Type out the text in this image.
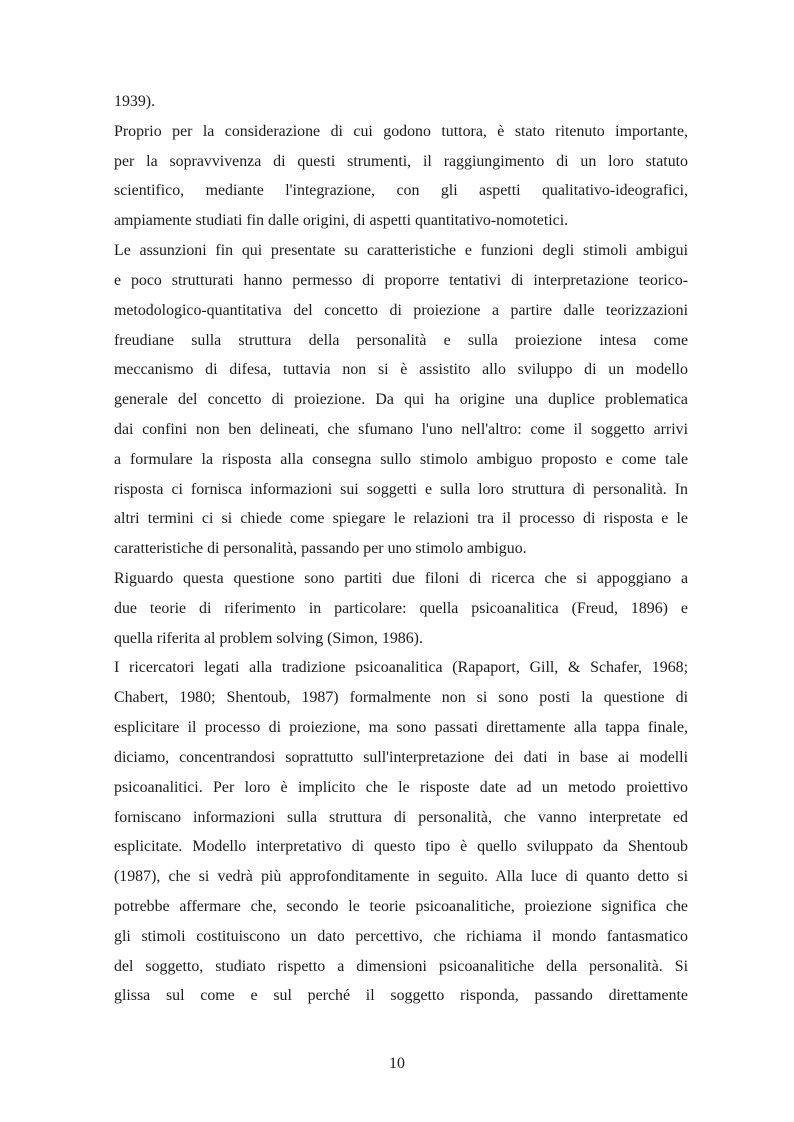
1939).
Proprio per la considerazione di cui godono tuttora, è stato ritenuto importante,
per la sopravvivenza di questi strumenti, il raggiungimento di un loro statuto
scientifico, mediante l'integrazione, con gli aspetti qualitativo-ideografici,
ampiamente studiati fin dalle origini, di aspetti quantitativo-nomotetici.
Le assunzioni fin qui presentate su caratteristiche e funzioni degli stimoli ambigui
e poco strutturati hanno permesso di proporre tentativi di interpretazione teorico-
metodologico-quantitativa del concetto di proiezione a partire dalle teorizzazioni
freudiane sulla struttura della personalità e sulla proiezione intesa come
meccanismo di difesa, tuttavia non si è assistito allo sviluppo di un modello
generale del concetto di proiezione. Da qui ha origine una duplice problematica
dai confini non ben delineati, che sfumano l'uno nell'altro: come il soggetto arrivi
a formulare la risposta alla consegna sullo stimolo ambiguo proposto e come tale
risposta ci fornisca informazioni sui soggetti e sulla loro struttura di personalità. In
altri termini ci si chiede come spiegare le relazioni tra il processo di risposta e le
caratteristiche di personalità, passando per uno stimolo ambiguo.
Riguardo questa questione sono partiti due filoni di ricerca che si appoggiano a
due teorie di riferimento in particolare: quella psicoanalitica (Freud, 1896) e
quella riferita al problem solving (Simon, 1986).
I ricercatori legati alla tradizione psicoanalitica (Rapaport, Gill, & Schafer, 1968;
Chabert, 1980; Shentoub, 1987) formalmente non si sono posti la questione di
esplicitare il processo di proiezione, ma sono passati direttamente alla tappa finale,
diciamo, concentrandosi soprattutto sull'interpretazione dei dati in base ai modelli
psicoanalitici. Per loro è implicito che le risposte date ad un metodo proiettivo
forniscano informazioni sulla struttura di personalità, che vanno interpretate ed
esplicitate. Modello interpretativo di questo tipo è quello sviluppato da Shentoub
(1987), che si vedrà più approfonditamente in seguito. Alla luce di quanto detto si
potrebbe affermare che, secondo le teorie psicoanalitiche, proiezione significa che
gli stimoli costituiscono un dato percettivo, che richiama il mondo fantasmatico
del soggetto, studiato rispetto a dimensioni psicoanalitiche della personalità. Si
glissa sul come e sul perché il soggetto risponda, passando direttamente
10
